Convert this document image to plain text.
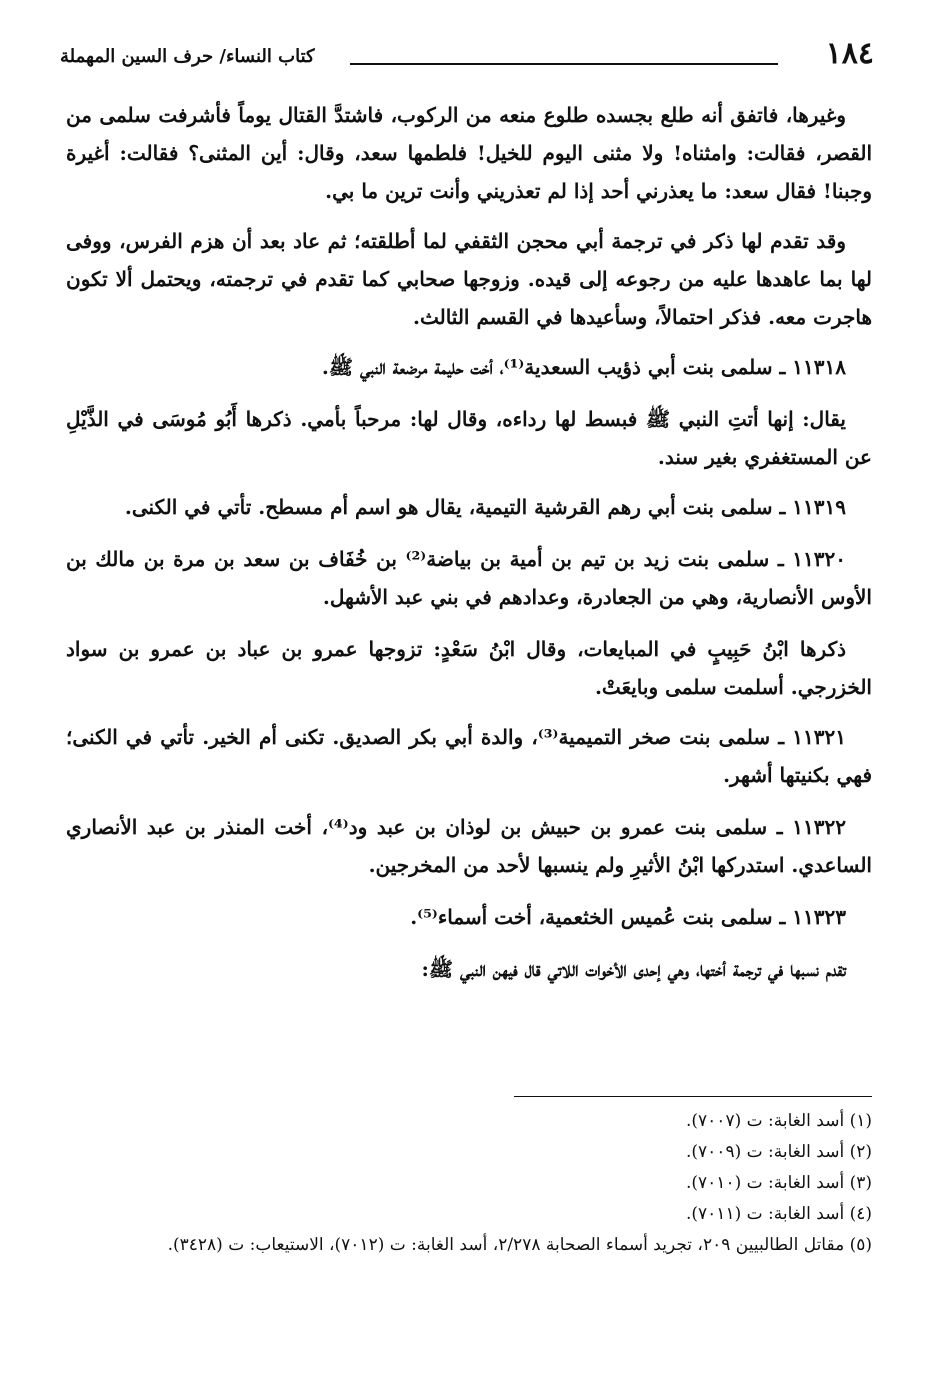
١٨٤
كتاب النساء/ حرف السين المهملة

وغيرها، فاتفق أنه طلع بجسده طلوع منعه من الركوب، فاشتدَّ القتال يوماً فأشرفت سلمى من القصر، فقالت: وامثناه! ولا مثنى اليوم للخيل! فلطمها سعد، وقال: أين المثنى؟ فقالت: أغيرة وجبنا! فقال سعد: ما يعذرني أحد إذا لم تعذريني وأنت ترين ما بي.

وقد تقدم لها ذكر في ترجمة أبي محجن الثقفي لما أطلقته؛ ثم عاد بعد أن هزم الفرس، ووفى لها بما عاهدها عليه من رجوعه إلى قيده. وزوجها صحابي كما تقدم في ترجمته، ويحتمل ألا تكون هاجرت معه. فذكر احتمالاً، وسأعيدها في القسم الثالث.

١١٣١٨ ـ سلمى بنت أبي ذؤيب السعدية⁽¹⁾، أخت حليمة مرضعة النبي ﷺ.

يقال: إنها أتتِ النبي ﷺ فبسط لها رداءه، وقال لها: مرحباً بأمي. ذكرها أَبُو مُوسَى في الذَّيْلِ عن المستغفري بغير سند.

١١٣١٩ ـ سلمى بنت أبي رهم القرشية التيمية، يقال هو اسم أم مسطح. تأتي في الكنى.

١١٣٢٠ ـ سلمى بنت زيد بن تيم بن أمية بن بياضة⁽²⁾ بن خُفَاف بن سعد بن مرة بن مالك بن الأوس الأنصارية، وهي من الجعادرة، وعدادهم في بني عبد الأشهل.

ذكرها ابْنُ حَبِيبٍ في المبايعات، وقال ابْنُ سَعْدٍ: تزوجها عمرو بن عباد بن عمرو بن سواد الخزرجي. أسلمت سلمى وبايعَتْ.

١١٣٢١ ـ سلمى بنت صخر التميمية⁽³⁾، والدة أبي بكر الصديق. تكنى أم الخير. تأتي في الكنى؛ فهي بكنيتها أشهر.

١١٣٢٢ ـ سلمى بنت عمرو بن حبيش بن لوذان بن عبد ود⁽⁴⁾، أخت المنذر بن عبد الأنصاري الساعدي. استدركها ابْنُ الأثيرِ ولم ينسبها لأحد من المخرجين.

١١٣٢٣ ـ سلمى بنت عُميس الخثعمية، أخت أسماء⁽⁵⁾.

تقدم نسبها في ترجمة أختها، وهي إحدى الأخوات اللاتي قال فيهن النبي ﷺ:

(١) أسد الغابة: ت (٧٠٠٧).

(٢) أسد الغابة: ت (٧٠٠٩).

(٣) أسد الغابة: ت (٧٠١٠).

(٤) أسد الغابة: ت (٧٠١١).

(٥) مقاتل الطالبيين ٢٠٩، تجريد أسماء الصحابة ٢/٢٧٨، أسد الغابة: ت (٧٠١٢)، الاستيعاب: ت (٣٤٢٨).
